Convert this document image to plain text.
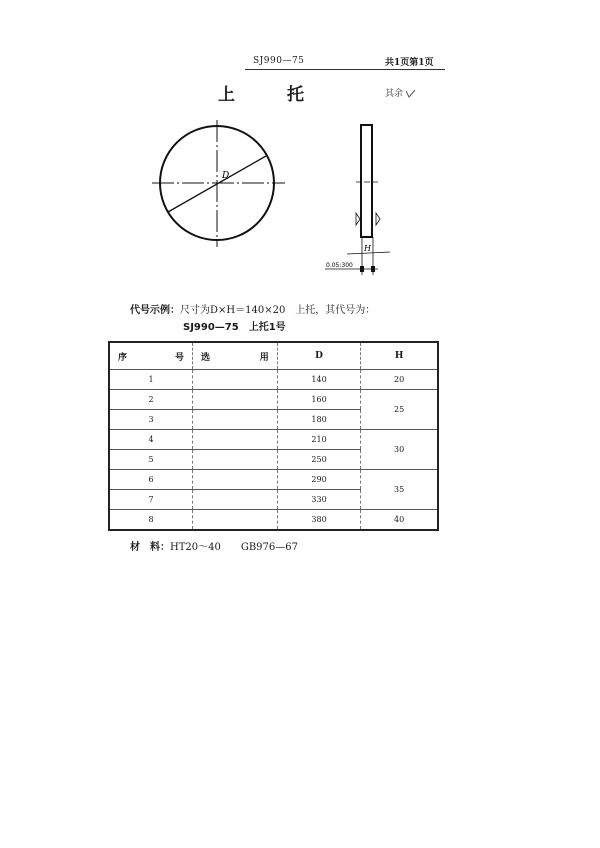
SJ990—75	共1页第1页
上	托	其余
D
H
0.05:300
代号示例：尺寸为D×H＝140×20　上托，其代号为：
SJ990—75　上托1号
序 号	选 用	D	H
1		140	20
2		160	25
3		180	
4		210	30
5		250	
6		290	35
7		330	
8		380	40
材　料：HT20～40　　GB976—67
